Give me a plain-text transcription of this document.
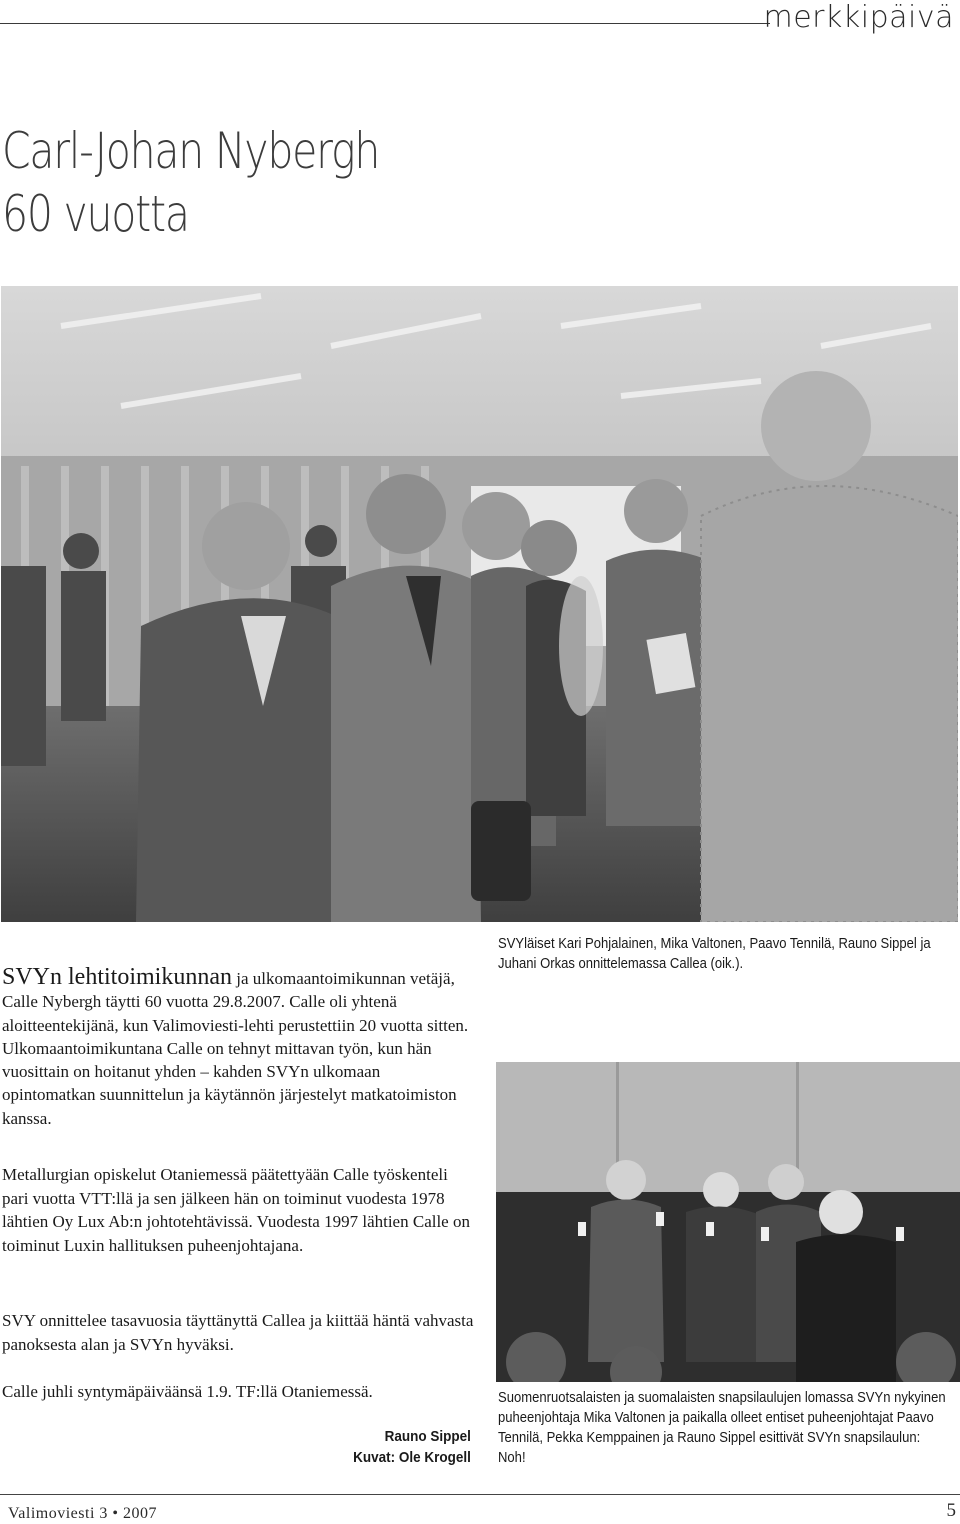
merkkipäivä
Carl-Johan Nybergh
60 vuotta
SVYläiset Kari Pohjalainen, Mika Valtonen, Paavo Tennilä, Rauno Sippel ja Juhani Orkas onnittelemassa Callea (oik.).

SVYn lehtitoimikunnan ja ulkomaantoimikunnan vetäjä, Calle Nybergh täytti 60 vuotta 29.8.2007. Calle oli yhtenä aloitteentekijänä, kun Valimoviesti-lehti perustettiin 20 vuotta sitten. Ulkomaantoimikuntana Calle on tehnyt mittavan työn, kun hän vuosittain on hoitanut yhden – kahden SVYn ulkomaan opintomatkan suunnittelun ja käytännön järjestelyt matkatoimiston kanssa.

Metallurgian opiskelut Otaniemessä päätettyään Calle työskenteli pari vuotta VTT:llä ja sen jälkeen hän on toiminut vuodesta 1978 lähtien Oy Lux Ab:n johtotehtävissä. Vuodesta 1997 lähtien Calle on toiminut Luxin hallituksen puheenjohtajana.

SVY onnittelee tasavuosia täyttänyttä Callea ja kiittää häntä vahvasta panoksesta alan ja SVYn hyväksi.

Calle juhli syntymäpäiväänsä 1.9. TF:llä Otaniemessä.

Rauno Sippel
Kuvat: Ole Krogell
Suomenruotsalaisten ja suomalaisten snapsilaulujen lomassa SVYn nykyinen puheenjohtaja Mika Valtonen ja paikalla olleet entiset puheenjohtajat Paavo Tennilä, Pekka Kemppainen ja Rauno Sippel esittivät SVYn snapsilaulun: Noh!
Valimoviesti 3 • 2007	5
